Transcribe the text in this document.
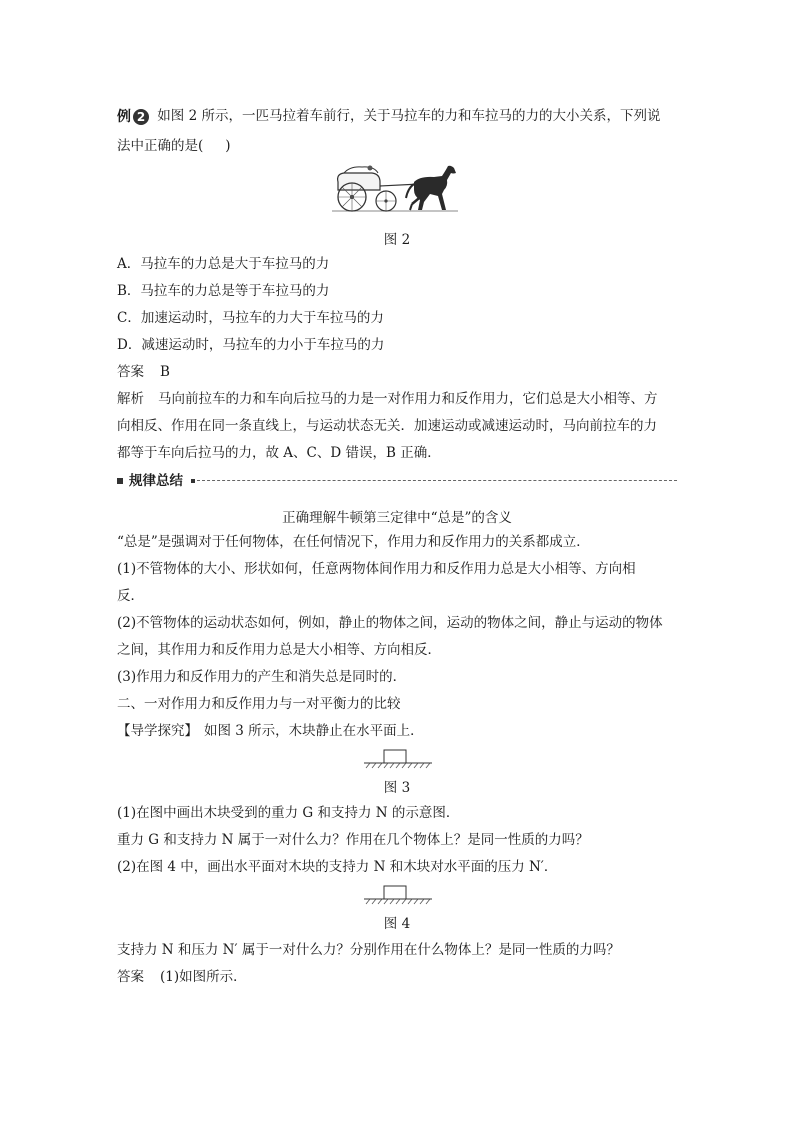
例 2 如图 2 所示，一匹马拉着车前行，关于马拉车的力和车拉马的力的大小关系，下列说
法中正确的是( )
图 2
A．马拉车的力总是大于车拉马的力
B．马拉车的力总是等于车拉马的力
C．加速运动时，马拉车的力大于车拉马的力
D．减速运动时，马拉车的力小于车拉马的力
答案 B
解析 马向前拉车的力和车向后拉马的力是一对作用力和反作用力，它们总是大小相等、方
向相反、作用在同一条直线上，与运动状态无关．加速运动或减速运动时，马向前拉车的力
都等于车向后拉马的力，故 A、C、D 错误，B 正确．
规律总结
正确理解牛顿第三定律中“总是”的含义
“总是”是强调对于任何物体，在任何情况下，作用力和反作用力的关系都成立．
(1)不管物体的大小、形状如何，任意两物体间作用力和反作用力总是大小相等、方向相
反．
(2)不管物体的运动状态如何，例如，静止的物体之间，运动的物体之间，静止与运动的物体
之间，其作用力和反作用力总是大小相等、方向相反．
(3)作用力和反作用力的产生和消失总是同时的．
二、一对作用力和反作用力与一对平衡力的比较
【导学探究】 如图 3 所示，木块静止在水平面上．
图 3
(1)在图中画出木块受到的重力 G 和支持力 N 的示意图．
重力 G 和支持力 N 属于一对什么力？作用在几个物体上？是同一性质的力吗？
(2)在图 4 中，画出水平面对木块的支持力 N 和木块对水平面的压力 N′．
图 4
支持力 N 和压力 N′ 属于一对什么力？分别作用在什么物体上？是同一性质的力吗？
答案 (1)如图所示．
